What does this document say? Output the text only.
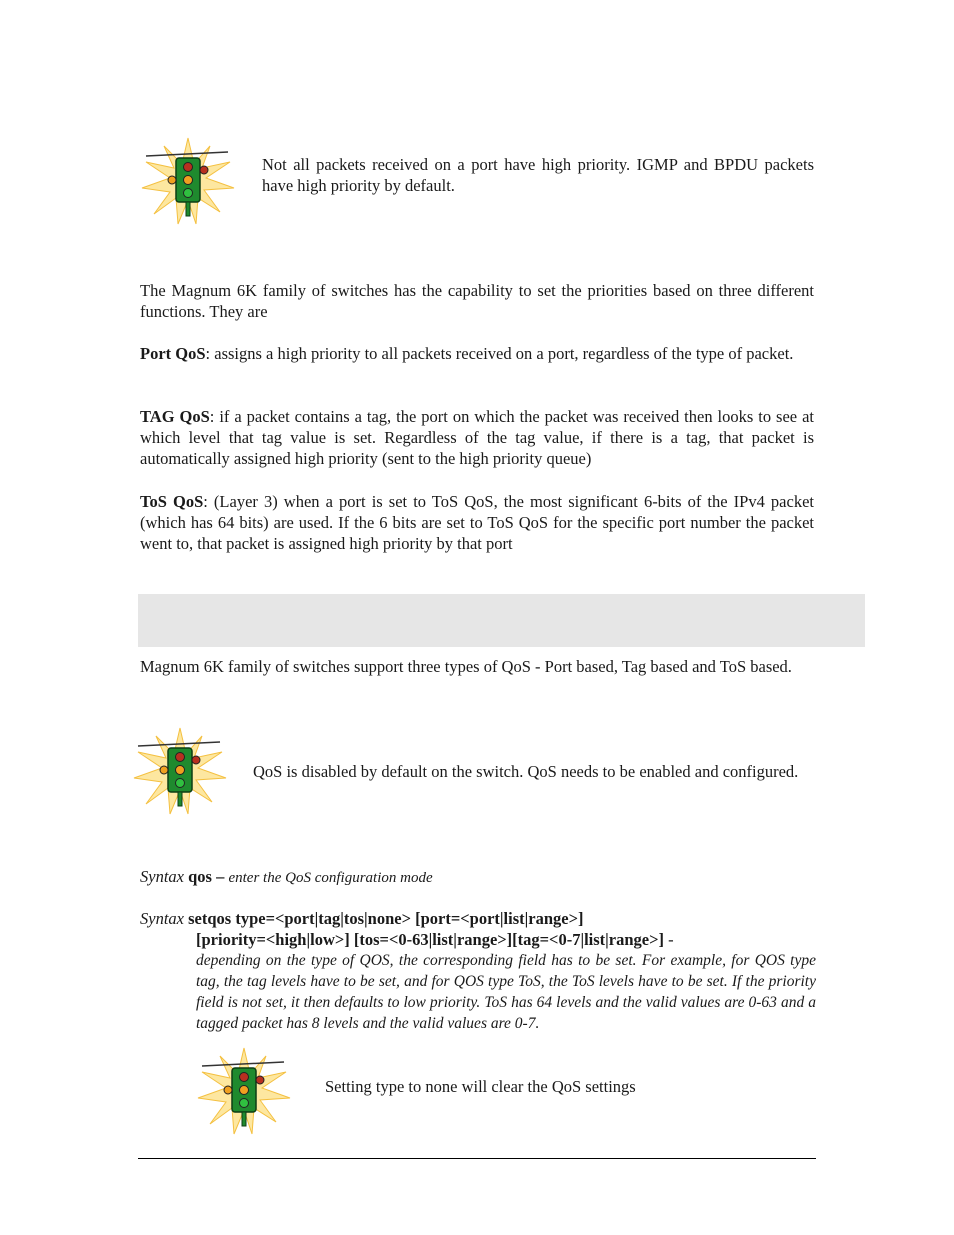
Not all packets received on a port have high priority. IGMP and BPDU packets have high priority by default.

The Magnum 6K family of switches has the capability to set the priorities based on three different functions. They are

Port QoS: assigns a high priority to all packets received on a port, regardless of the type of packet.

TAG QoS: if a packet contains a tag, the port on which the packet was received then looks to see at which level that tag value is set. Regardless of the tag value, if there is a tag, that packet is automatically assigned high priority (sent to the high priority queue)

ToS QoS: (Layer 3) when a port is set to ToS QoS, the most significant 6-bits of the IPv4 packet (which has 64 bits) are used. If the 6 bits are set to ToS QoS for the specific port number the packet went to, that packet is assigned high priority by that port

Magnum 6K family of switches support three types of QoS - Port based, Tag based and ToS based.

QoS is disabled by default on the switch. QoS needs to be enabled and configured.

Syntax qos – enter the QoS configuration mode

Syntax setqos type=<port|tag|tos|none> [port=<port|list|range>]

[priority=<high|low>] [tos=<0-63|list|range>][tag=<0-7|list|range>] -

depending on the type of QOS, the corresponding field has to be set. For example, for QOS type tag, the tag levels have to be set, and for QOS type ToS, the ToS levels have to be set. If the priority field is not set, it then defaults to low priority. ToS has 64 levels and the valid values are 0-63 and a tagged packet has 8 levels and the valid values are 0-7.

Setting type to none will clear the QoS settings
